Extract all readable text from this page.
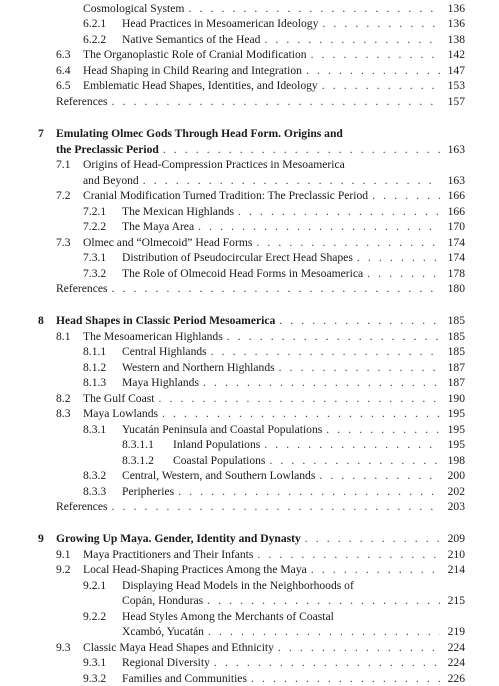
Cosmological System . . .	136
6.2.1	Head Practices in Mesoamerican Ideology . . .	136
6.2.2	Native Semantics of the Head . . .	138
6.3	The Organoplastic Role of Cranial Modification . . .	142
6.4	Head Shaping in Child Rearing and Integration . . .	147
6.5	Emblematic Head Shapes, Identities, and Ideology . . .	153
References . . .	157
7	Emulating Olmec Gods Through Head Form. Origins and
the Preclassic Period . . .	163
7.1	Origins of Head-Compression Practices in Mesoamerica
and Beyond . . .	163
7.2	Cranial Modification Turned Tradition: The Preclassic Period . . .	166
7.2.1	The Mexican Highlands . . .	166
7.2.2	The Maya Area . . .	170
7.3	Olmec and “Olmecoid” Head Forms . . .	174
7.3.1	Distribution of Pseudocircular Erect Head Shapes . . .	174
7.3.2	The Role of Olmecoid Head Forms in Mesoamerica . . .	178
References . . .	180
8	Head Shapes in Classic Period Mesoamerica . . .	185
8.1	The Mesoamerican Highlands . . .	185
8.1.1	Central Highlands . . .	185
8.1.2	Western and Northern Highlands . . .	187
8.1.3	Maya Highlands . . .	187
8.2	The Gulf Coast . . .	190
8.3	Maya Lowlands . . .	195
8.3.1	Yucatán Peninsula and Coastal Populations . . .	195
8.3.1.1	Inland Populations . . .	195
8.3.1.2	Coastal Populations . . .	198
8.3.2	Central, Western, and Southern Lowlands . . .	200
8.3.3	Peripheries . . .	202
References . . .	203
9	Growing Up Maya. Gender, Identity and Dynasty . . .	209
9.1	Maya Practitioners and Their Infants . . .	210
9.2	Local Head-Shaping Practices Among the Maya . . .	214
9.2.1	Displaying Head Models in the Neighborhoods of
Copán, Honduras . . .	215
9.2.2	Head Styles Among the Merchants of Coastal
Xcambó, Yucatán . . .	219
9.3	Classic Maya Head Shapes and Ethnicity . . .	224
9.3.1	Regional Diversity . . .	224
9.3.2	Families and Communities . . .	226
